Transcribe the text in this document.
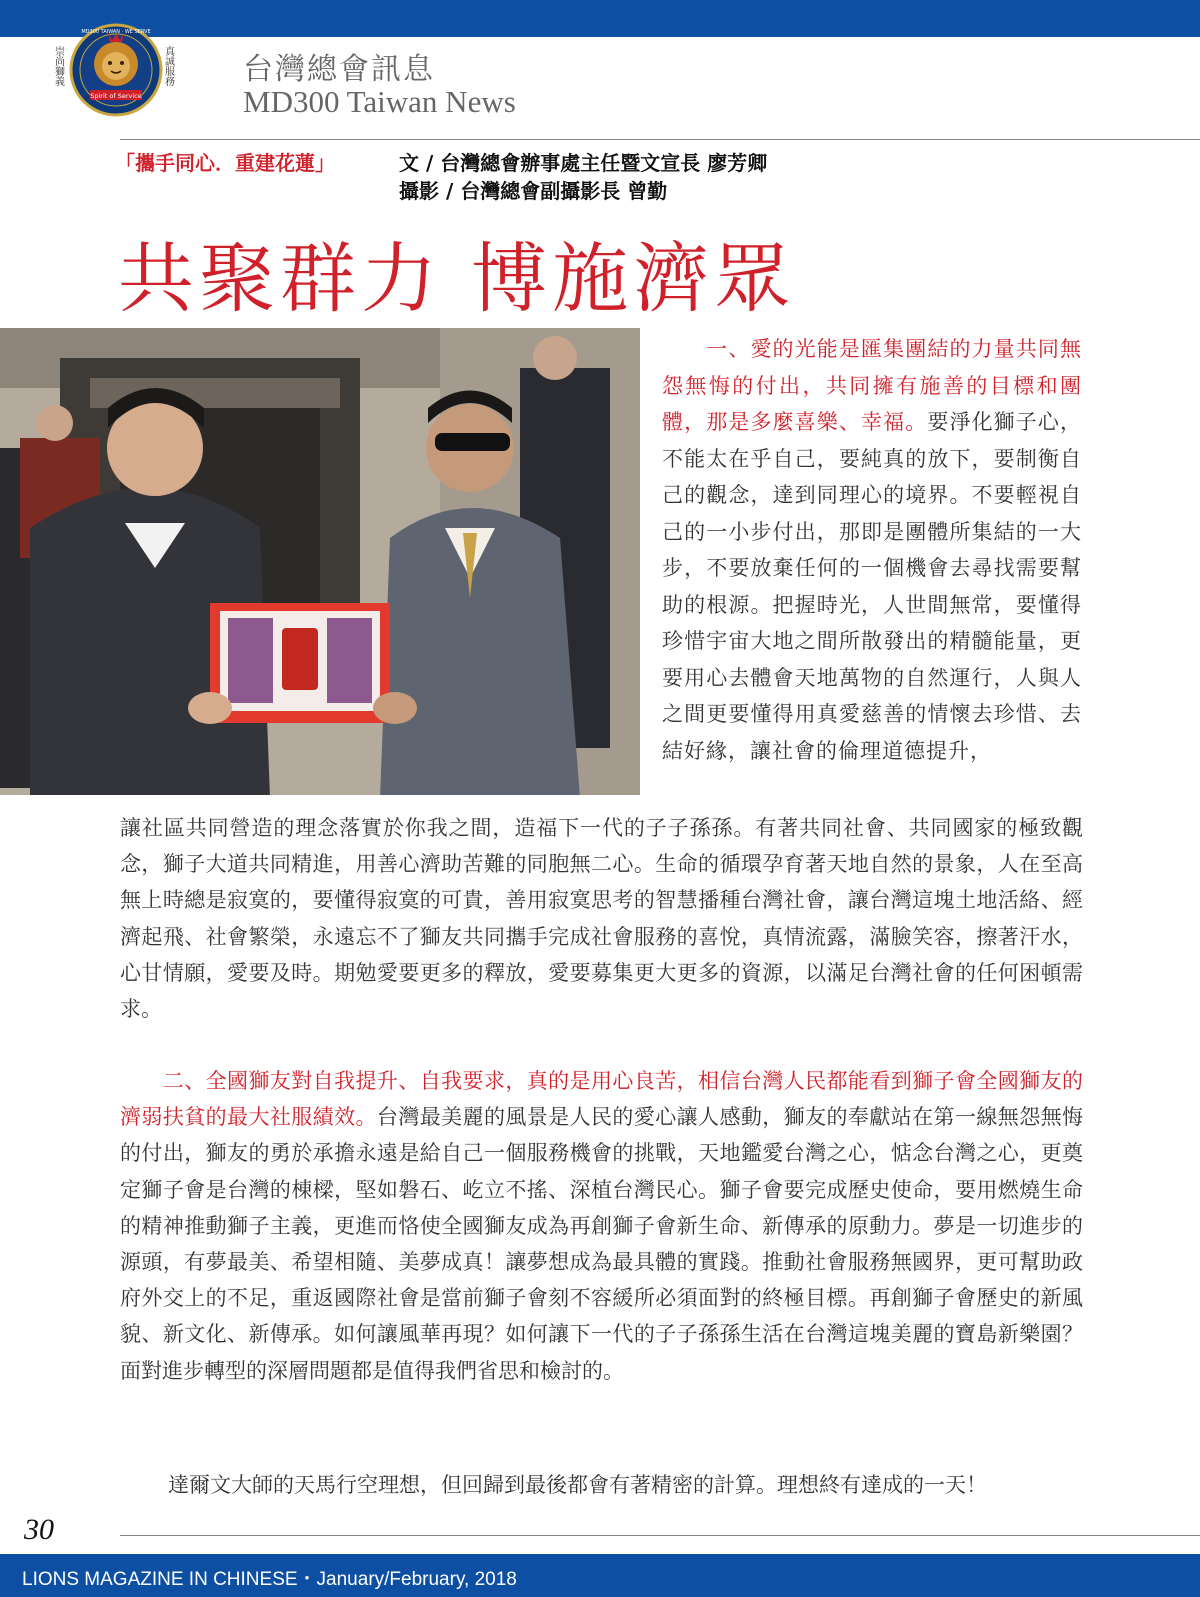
崇尚獅義	真誠服務
Spirit of Service
MD300 TAIWAN · WE SERVE
台灣總會訊息
MD300 Taiwan News
「攜手同心．重建花蓮」	文 / 台灣總會辦事處主任暨文宣長 廖芳卿
攝影 / 台灣總會副攝影長 曾勤
共聚群力 博施濟眾
　　一、愛的光能是匯集團結的力量共同無怨無悔的付出，共同擁有施善的目標和團體，那是多麼喜樂、幸福。要淨化獅子心，不能太在乎自己，要純真的放下，要制衡自己的觀念，達到同理心的境界。不要輕視自己的一小步付出，那即是團體所集結的一大步，不要放棄任何的一個機會去尋找需要幫助的根源。把握時光，人世間無常，要懂得珍惜宇宙大地之間所散發出的精髓能量，更要用心去體會天地萬物的自然運行，人與人之間更要懂得用真愛慈善的情懷去珍惜、去結好緣，讓社會的倫理道德提升，
讓社區共同營造的理念落實於你我之間，造福下一代的子子孫孫。有著共同社會、共同國家的極致觀念，獅子大道共同精進，用善心濟助苦難的同胞無二心。生命的循環孕育著天地自然的景象，人在至高無上時總是寂寞的，要懂得寂寞的可貴，善用寂寞思考的智慧播種台灣社會，讓台灣這塊土地活絡、經濟起飛、社會繁榮，永遠忘不了獅友共同攜手完成社會服務的喜悅，真情流露，滿臉笑容，擦著汗水，心甘情願，愛要及時。期勉愛要更多的釋放，愛要募集更大更多的資源，以滿足台灣社會的任何困頓需求。
　　二、全國獅友對自我提升、自我要求，真的是用心良苦，相信台灣人民都能看到獅子會全國獅友的濟弱扶貧的最大社服績效。台灣最美麗的風景是人民的愛心讓人感動，獅友的奉獻站在第一線無怨無悔的付出，獅友的勇於承擔永遠是給自己一個服務機會的挑戰，天地鑑愛台灣之心，惦念台灣之心，更奠定獅子會是台灣的棟樑，堅如磐石、屹立不搖、深植台灣民心。獅子會要完成歷史使命，要用燃燒生命的精神推動獅子主義，更進而恪使全國獅友成為再創獅子會新生命、新傳承的原動力。夢是一切進步的源頭，有夢最美、希望相隨、美夢成真！讓夢想成為最具體的實踐。推動社會服務無國界，更可幫助政府外交上的不足，重返國際社會是當前獅子會刻不容緩所必須面對的終極目標。再創獅子會歷史的新風貌、新文化、新傳承。如何讓風華再現？如何讓下一代的子子孫孫生活在台灣這塊美麗的寶島新樂園？面對進步轉型的深層問題都是值得我們省思和檢討的。
達爾文大師的天馬行空理想，但回歸到最後都會有著精密的計算。理想終有達成的一天！
30
LIONS MAGAZINE IN CHINESE・January/February, 2018
